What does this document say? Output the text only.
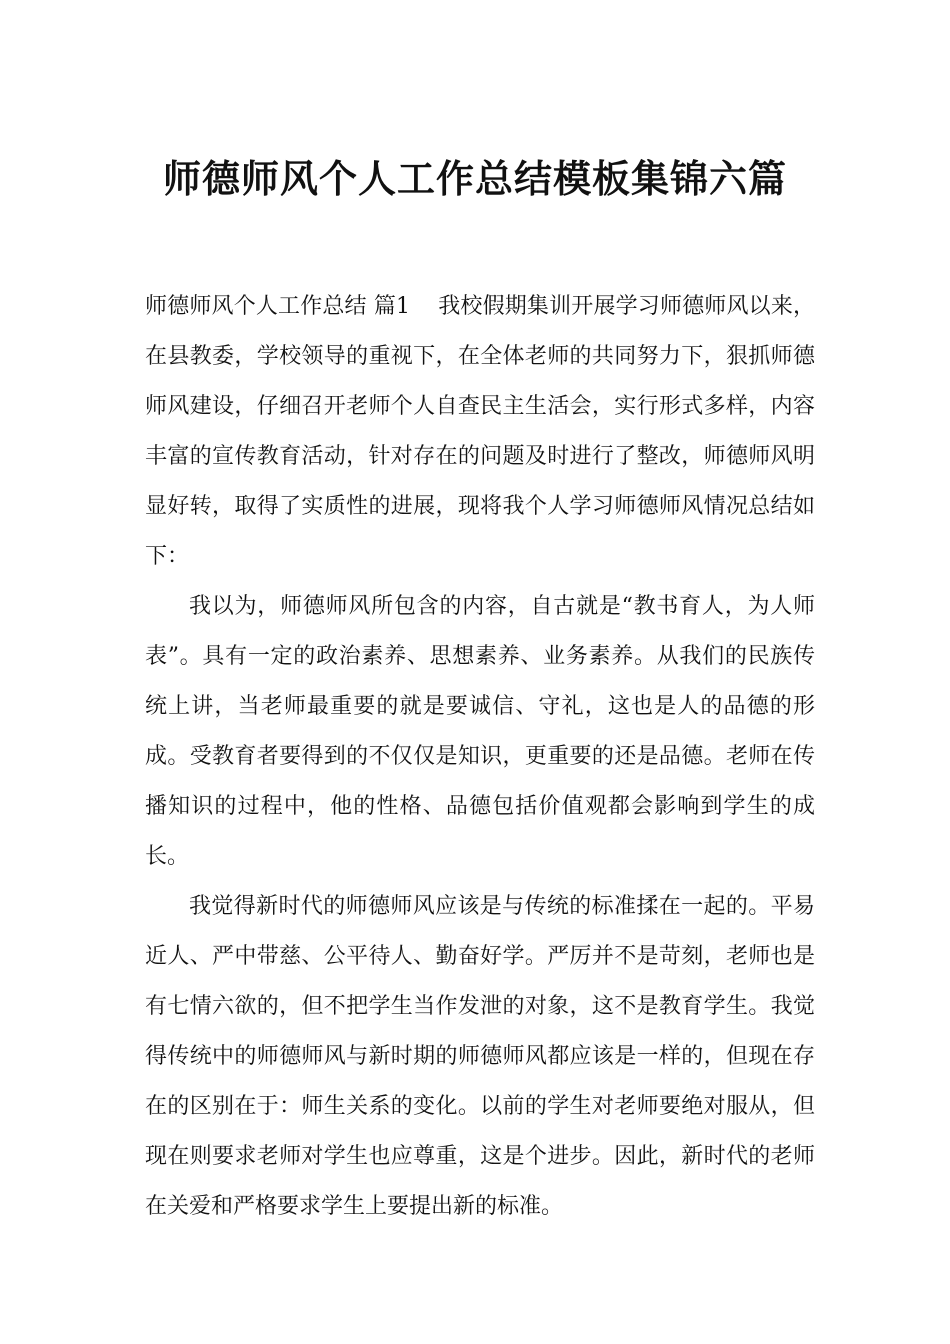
师德师风个人工作总结模板集锦六篇

师德师风个人工作总结 篇1 我校假期集训开展学习师德师风以来，在县教委，学校领导的重视下，在全体老师的共同努力下，狠抓师德师风建设，仔细召开老师个人自查民主生活会，实行形式多样，内容丰富的宣传教育活动，针对存在的问题及时进行了整改，师德师风明显好转，取得了实质性的进展，现将我个人学习师德师风情况总结如下：

我以为，师德师风所包含的内容，自古就是“教书育人，为人师表”。具有一定的政治素养、思想素养、业务素养。从我们的民族传统上讲，当老师最重要的就是要诚信、守礼，这也是人的品德的形成。受教育者要得到的不仅仅是知识，更重要的还是品德。老师在传播知识的过程中，他的性格、品德包括价值观都会影响到学生的成长。

我觉得新时代的师德师风应该是与传统的标准揉在一起的。平易近人、严中带慈、公平待人、勤奋好学。严厉并不是苛刻，老师也是有七情六欲的，但不把学生当作发泄的对象，这不是教育学生。我觉得传统中的师德师风与新时期的师德师风都应该是一样的，但现在存在的区别在于：师生关系的变化。以前的学生对老师要绝对服从，但现在则要求老师对学生也应尊重，这是个进步。因此，新时代的老师在关爱和严格要求学生上要提出新的标准。
